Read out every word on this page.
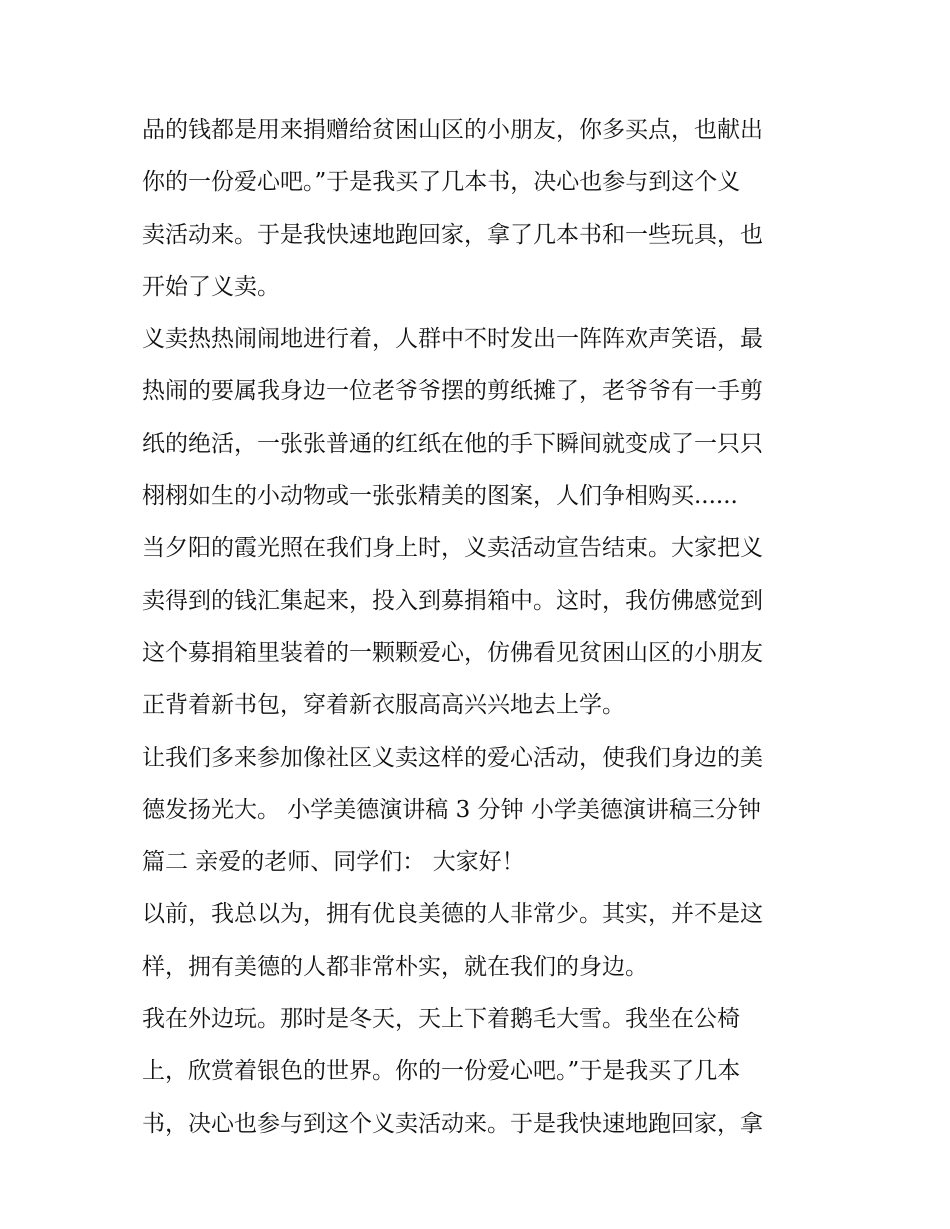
品的钱都是用来捐赠给贫困山区的小朋友，你多买点，也献出
你的一份爱心吧。”于是我买了几本书，决心也参与到这个义
卖活动来。于是我快速地跑回家，拿了几本书和一些玩具，也
开始了义卖。
义卖热热闹闹地进行着，人群中不时发出一阵阵欢声笑语，最
热闹的要属我身边一位老爷爷摆的剪纸摊了，老爷爷有一手剪
纸的绝活，一张张普通的红纸在他的手下瞬间就变成了一只只
栩栩如生的小动物或一张张精美的图案，人们争相购买......
当夕阳的霞光照在我们身上时，义卖活动宣告结束。大家把义
卖得到的钱汇集起来，投入到募捐箱中。这时，我仿佛感觉到
这个募捐箱里装着的一颗颗爱心，仿佛看见贫困山区的小朋友
正背着新书包，穿着新衣服高高兴兴地去上学。
让我们多来参加像社区义卖这样的爱心活动，使我们身边的美
德发扬光大。 小学美德演讲稿 3 分钟 小学美德演讲稿三分钟
篇二 亲爱的老师、同学们： 大家好！
以前，我总以为，拥有优良美德的人非常少。其实，并不是这
样，拥有美德的人都非常朴实，就在我们的身边。
我在外边玩。那时是冬天，天上下着鹅毛大雪。我坐在公椅
上，欣赏着银色的世界。你的一份爱心吧。”于是我买了几本
书，决心也参与到这个义卖活动来。于是我快速地跑回家，拿
